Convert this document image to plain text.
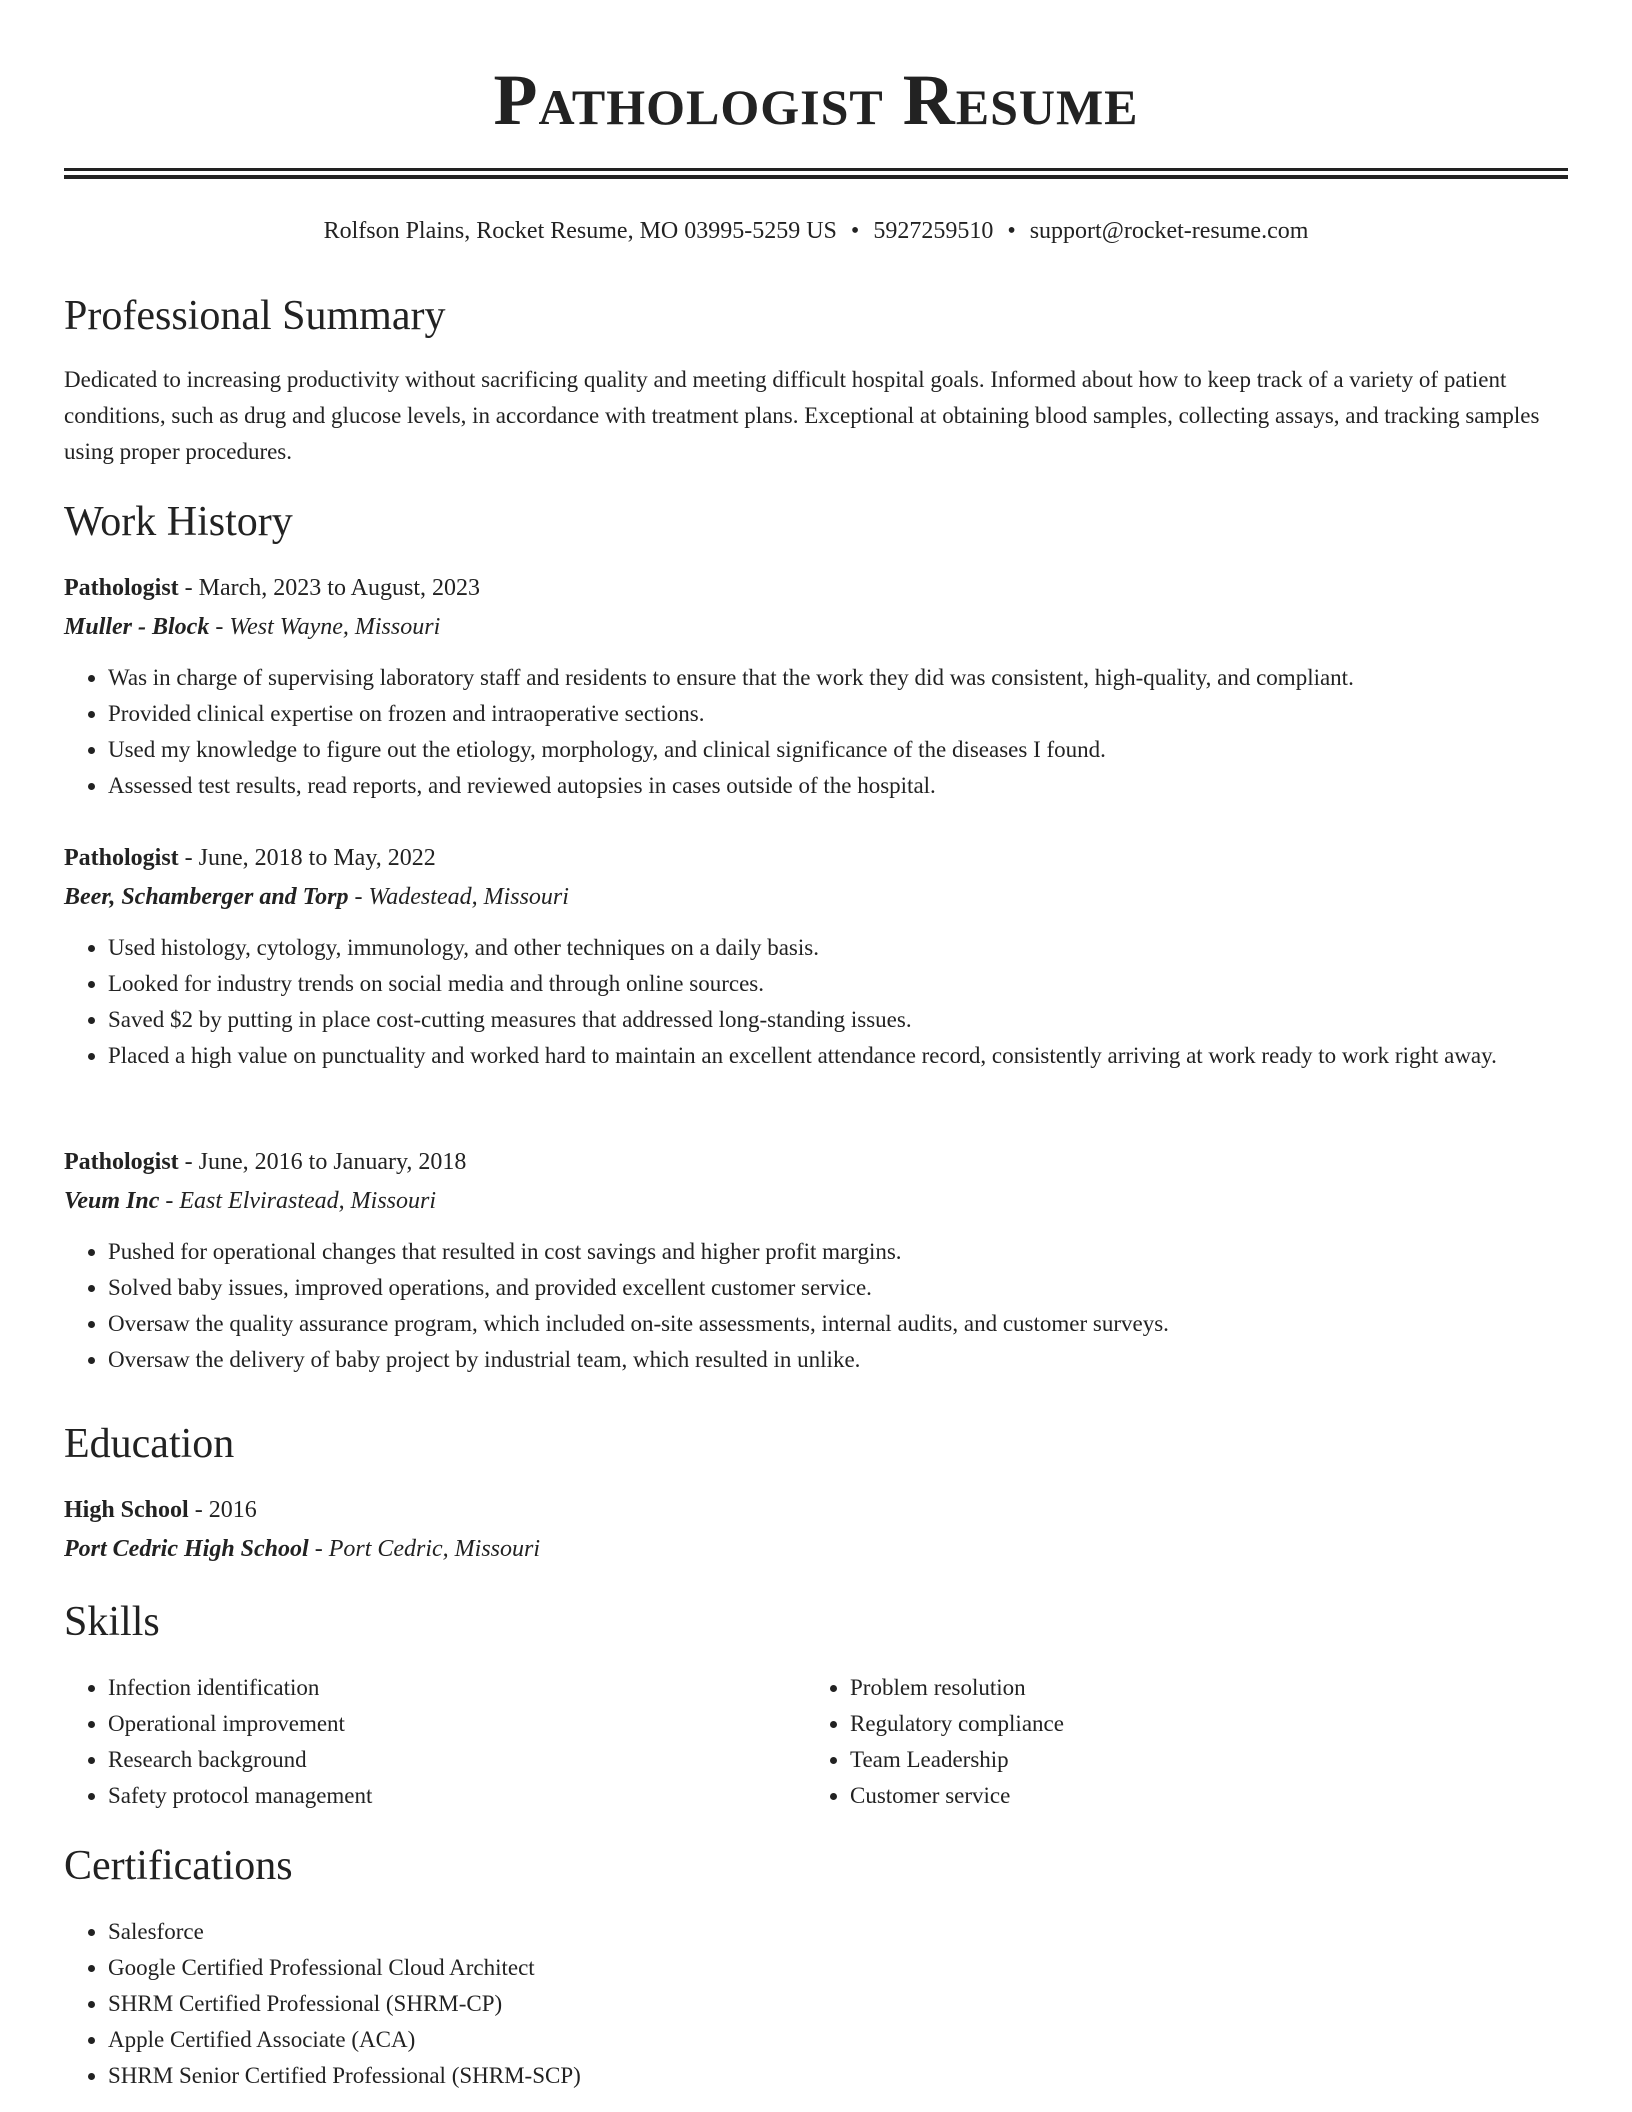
Pathologist Resume
Rolfson Plains, Rocket Resume, MO 03995-5259 US • 5927259510 • support@rocket-resume.com
Professional Summary

Dedicated to increasing productivity without sacrificing quality and meeting difficult hospital goals. Informed about how to keep track of a variety of patient conditions, such as drug and glucose levels, in accordance with treatment plans. Exceptional at obtaining blood samples, collecting assays, and tracking samples using proper procedures.

Work History
Pathologist - March, 2023 to August, 2023
Muller - Block - West Wayne, Missouri
• Was in charge of supervising laboratory staff and residents to ensure that the work they did was consistent, high-quality, and compliant.
• Provided clinical expertise on frozen and intraoperative sections.
• Used my knowledge to figure out the etiology, morphology, and clinical significance of the diseases I found.
• Assessed test results, read reports, and reviewed autopsies in cases outside of the hospital.
Pathologist - June, 2018 to May, 2022
Beer, Schamberger and Torp - Wadestead, Missouri
• Used histology, cytology, immunology, and other techniques on a daily basis.
• Looked for industry trends on social media and through online sources.
• Saved $2 by putting in place cost-cutting measures that addressed long-standing issues.
• Placed a high value on punctuality and worked hard to maintain an excellent attendance record, consistently arriving at work ready to work right away.
Pathologist - June, 2016 to January, 2018
Veum Inc - East Elvirastead, Missouri
• Pushed for operational changes that resulted in cost savings and higher profit margins.
• Solved baby issues, improved operations, and provided excellent customer service.
• Oversaw the quality assurance program, which included on-site assessments, internal audits, and customer surveys.
• Oversaw the delivery of baby project by industrial team, which resulted in unlike.
Education
High School - 2016
Port Cedric High School - Port Cedric, Missouri
Skills
• Infection identification
• Operational improvement
• Research background
• Safety protocol management
• Problem resolution
• Regulatory compliance
• Team Leadership
• Customer service
Certifications
• Salesforce
• Google Certified Professional Cloud Architect
• SHRM Certified Professional (SHRM-CP)
• Apple Certified Associate (ACA)
• SHRM Senior Certified Professional (SHRM-SCP)
